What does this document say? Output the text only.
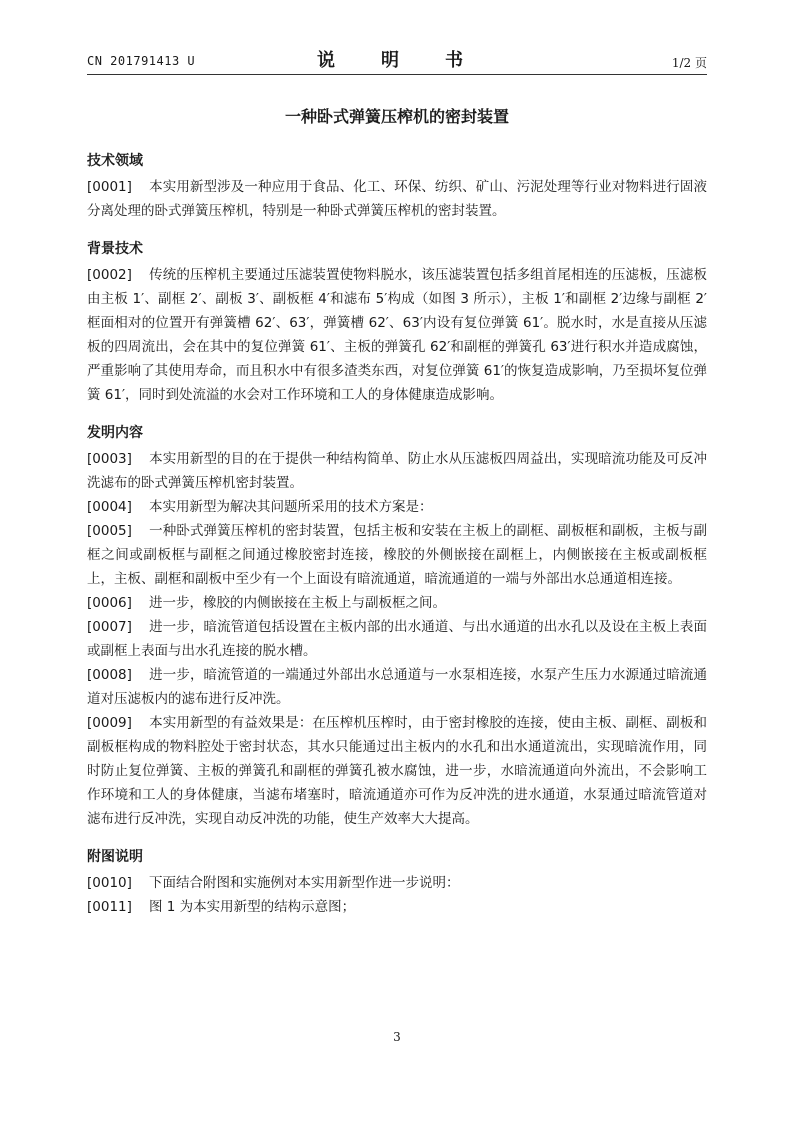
CN 201791413 U	说　明　书	1/2 页
一种卧式弹簧压榨机的密封装置
技术领域

[0001] 本实用新型涉及一种应用于食品、化工、环保、纺织、矿山、污泥处理等行业对物料进行固液分离处理的卧式弹簧压榨机，特别是一种卧式弹簧压榨机的密封装置。

背景技术

[0002] 传统的压榨机主要通过压滤装置使物料脱水，该压滤装置包括多组首尾相连的压滤板，压滤板由主板 1′、副框 2′、副板 3′、副板框 4′和滤布 5′构成（如图 3 所示），主板 1′和副框 2′边缘与副框 2′框面相对的位置开有弹簧槽 62′、63′，弹簧槽 62′、63′内设有复位弹簧 61′。脱水时，水是直接从压滤板的四周流出，会在其中的复位弹簧 61′、主板的弹簧孔 62′和副框的弹簧孔 63′进行积水并造成腐蚀，严重影响了其使用寿命，而且积水中有很多渣类东西，对复位弹簧 61′的恢复造成影响，乃至损坏复位弹簧 61′，同时到处流溢的水会对工作环境和工人的身体健康造成影响。

发明内容

[0003] 本实用新型的目的在于提供一种结构简单、防止水从压滤板四周益出，实现暗流功能及可反冲洗滤布的卧式弹簧压榨机密封装置。

[0004] 本实用新型为解决其问题所采用的技术方案是：

[0005] 一种卧式弹簧压榨机的密封装置，包括主板和安装在主板上的副框、副板框和副板，主板与副框之间或副板框与副框之间通过橡胶密封连接，橡胶的外侧嵌接在副框上，内侧嵌接在主板或副板框上，主板、副框和副板中至少有一个上面设有暗流通道，暗流通道的一端与外部出水总通道相连接。

[0006] 进一步，橡胶的内侧嵌接在主板上与副板框之间。

[0007] 进一步，暗流管道包括设置在主板内部的出水通道、与出水通道的出水孔以及设在主板上表面或副框上表面与出水孔连接的脱水槽。

[0008] 进一步，暗流管道的一端通过外部出水总通道与一水泵相连接，水泵产生压力水源通过暗流通道对压滤板内的滤布进行反冲洗。

[0009] 本实用新型的有益效果是：在压榨机压榨时，由于密封橡胶的连接，使由主板、副框、副板和副板框构成的物料腔处于密封状态，其水只能通过出主板内的水孔和出水通道流出，实现暗流作用，同时防止复位弹簧、主板的弹簧孔和副框的弹簧孔被水腐蚀，进一步，水暗流通道向外流出，不会影响工作环境和工人的身体健康，当滤布堵塞时，暗流通道亦可作为反冲洗的进水通道，水泵通过暗流管道对滤布进行反冲洗，实现自动反冲洗的功能，使生产效率大大提高。

附图说明

[0010] 下面结合附图和实施例对本实用新型作进一步说明：

[0011] 图 1 为本实用新型的结构示意图；

3
